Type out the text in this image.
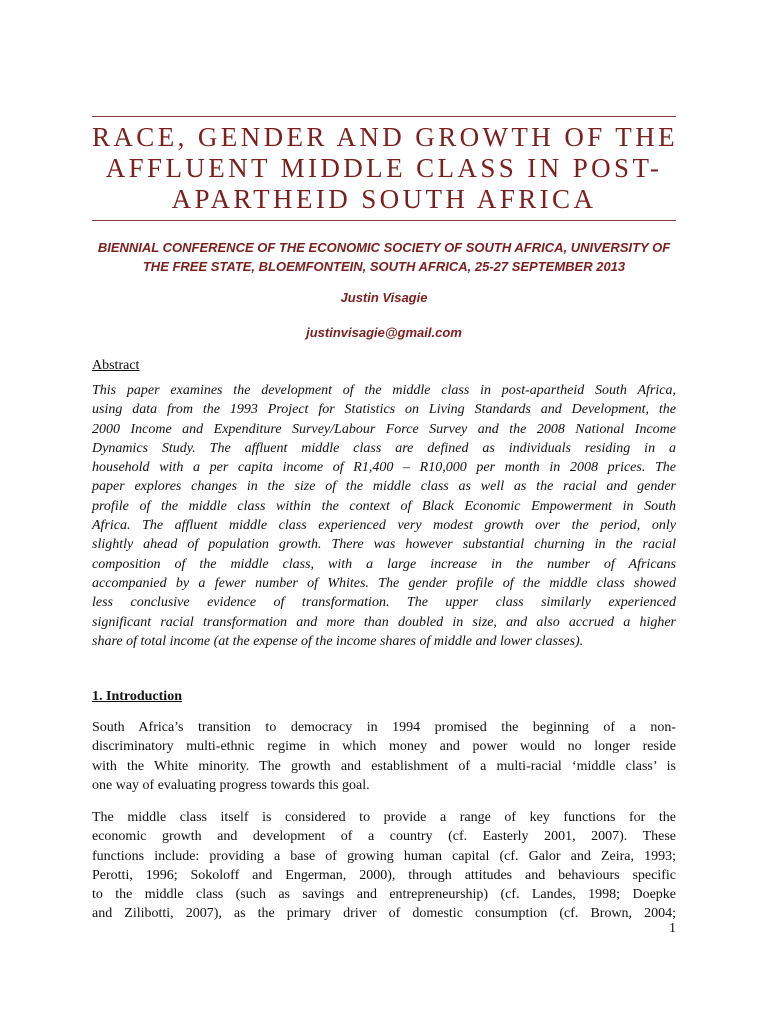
RACE, GENDER AND GROWTH OF THE
AFFLUENT MIDDLE CLASS IN POST-
APARTHEID SOUTH AFRICA
BIENNIAL CONFERENCE OF THE ECONOMIC SOCIETY OF SOUTH AFRICA, UNIVERSITY OF
THE FREE STATE, BLOEMFONTEIN, SOUTH AFRICA, 25-27 SEPTEMBER 2013
Justin Visagie
justinvisagie@gmail.com
Abstract
This paper examines the development of the middle class in post-apartheid South Africa,
using data from the 1993 Project for Statistics on Living Standards and Development, the
2000 Income and Expenditure Survey/Labour Force Survey and the 2008 National Income
Dynamics Study. The affluent middle class are defined as individuals residing in a
household with a per capita income of R1,400 – R10,000 per month in 2008 prices. The
paper explores changes in the size of the middle class as well as the racial and gender
profile of the middle class within the context of Black Economic Empowerment in South
Africa. The affluent middle class experienced very modest growth over the period, only
slightly ahead of population growth. There was however substantial churning in the racial
composition of the middle class, with a large increase in the number of Africans
accompanied by a fewer number of Whites. The gender profile of the middle class showed
less conclusive evidence of transformation. The upper class similarly experienced
significant racial transformation and more than doubled in size, and also accrued a higher
share of total income (at the expense of the income shares of middle and lower classes).
1. Introduction
South Africa’s transition to democracy in 1994 promised the beginning of a non-
discriminatory multi-ethnic regime in which money and power would no longer reside
with the White minority. The growth and establishment of a multi-racial ‘middle class’ is
one way of evaluating progress towards this goal.
The middle class itself is considered to provide a range of key functions for the
economic growth and development of a country (cf. Easterly 2001, 2007). These
functions include: providing a base of growing human capital (cf. Galor and Zeira, 1993;
Perotti, 1996; Sokoloff and Engerman, 2000), through attitudes and behaviours specific
to the middle class (such as savings and entrepreneurship) (cf. Landes, 1998; Doepke
and Zilibotti, 2007), as the primary driver of domestic consumption (cf. Brown, 2004;
1
